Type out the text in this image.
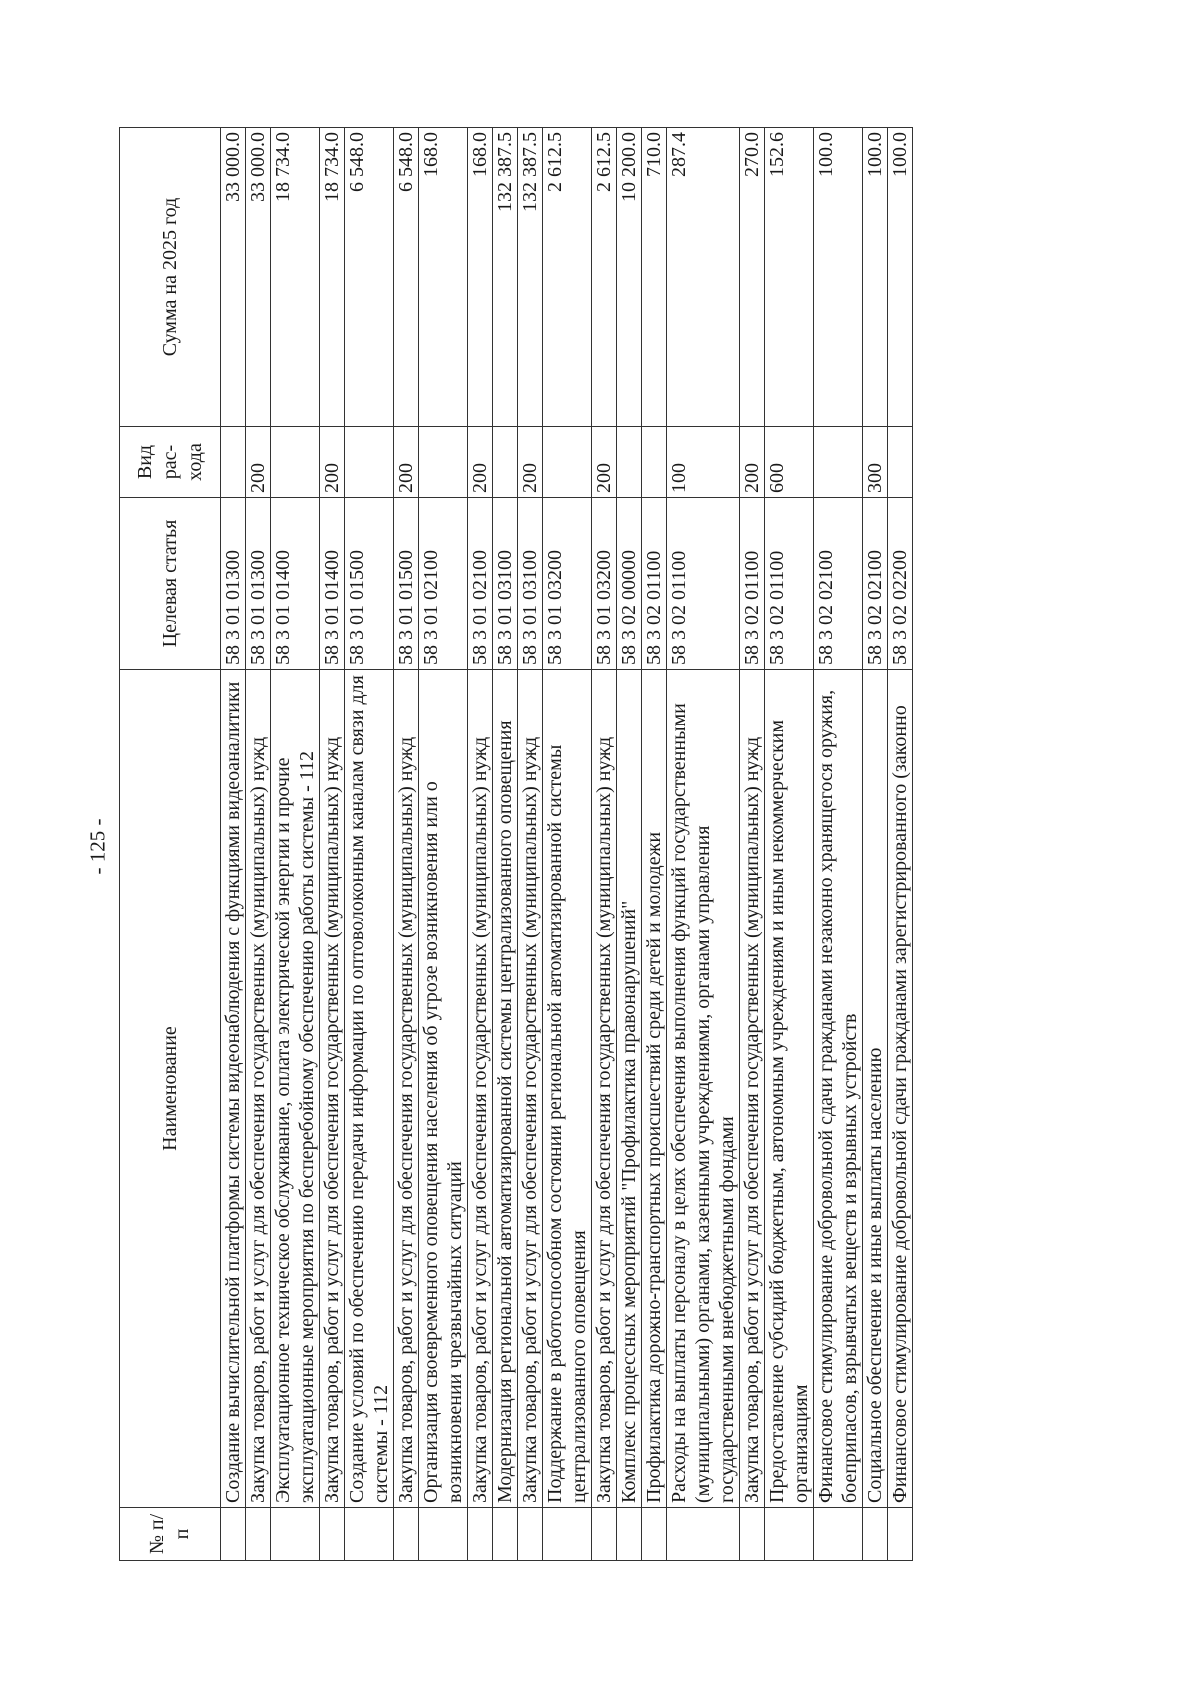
- 125 -
№ п/п	Наименование	Целевая статья	Вид рас- хода	Сумма на 2025 год
	Создание вычислительной платформы системы видеонаблюдения с функциями видеоаналитики	58 3 01 01300		33 000.0
	Закупка товаров, работ и услуг для обеспечения государственных (муниципальных) нужд	58 3 01 01300	200	33 000.0
	Эксплуатационное техническое обслуживание, оплата электрической энергии и прочие эксплуатационные мероприятия по бесперебойному обеспечению работы системы - 112	58 3 01 01400		18 734.0
	Закупка товаров, работ и услуг для обеспечения государственных (муниципальных) нужд	58 3 01 01400	200	18 734.0
	Создание условий по обеспечению передачи информации по оптоволоконным каналам связи для системы - 112	58 3 01 01500		6 548.0
	Закупка товаров, работ и услуг для обеспечения государственных (муниципальных) нужд	58 3 01 01500	200	6 548.0
	Организация своевременного оповещения населения об угрозе возникновения или о возникновении чрезвычайных ситуаций	58 3 01 02100		168.0
	Закупка товаров, работ и услуг для обеспечения государственных (муниципальных) нужд	58 3 01 02100	200	168.0
	Модернизация региональной автоматизированной системы централизованного оповещения	58 3 01 03100		132 387.5
	Закупка товаров, работ и услуг для обеспечения государственных (муниципальных) нужд	58 3 01 03100	200	132 387.5
	Поддержание в работоспособном состоянии региональной автоматизированной системы централизованного оповещения	58 3 01 03200		2 612.5
	Закупка товаров, работ и услуг для обеспечения государственных (муниципальных) нужд	58 3 01 03200	200	2 612.5
	Комплекс процессных мероприятий "Профилактика правонарушений"	58 3 02 00000		10 200.0
	Профилактика дорожно-транспортных происшествий среди детей и молодежи	58 3 02 01100		710.0
	Расходы на выплаты персоналу в целях обеспечения выполнения функций государственными (муниципальными) органами, казенными учреждениями, органами управления государственными внебюджетными фондами	58 3 02 01100	100	287.4
	Закупка товаров, работ и услуг для обеспечения государственных (муниципальных) нужд	58 3 02 01100	200	270.0
	Предоставление субсидий бюджетным, автономным учреждениям и иным некоммерческим организациям	58 3 02 01100	600	152.6
	Финансовое стимулирование добровольной сдачи гражданами незаконно хранящегося оружия, боеприпасов, взрывчатых веществ и взрывных устройств	58 3 02 02100		100.0
	Социальное обеспечение и иные выплаты населению	58 3 02 02100	300	100.0
	Финансовое стимулирование добровольной сдачи гражданами зарегистрированного (законно	58 3 02 02200		100.0
